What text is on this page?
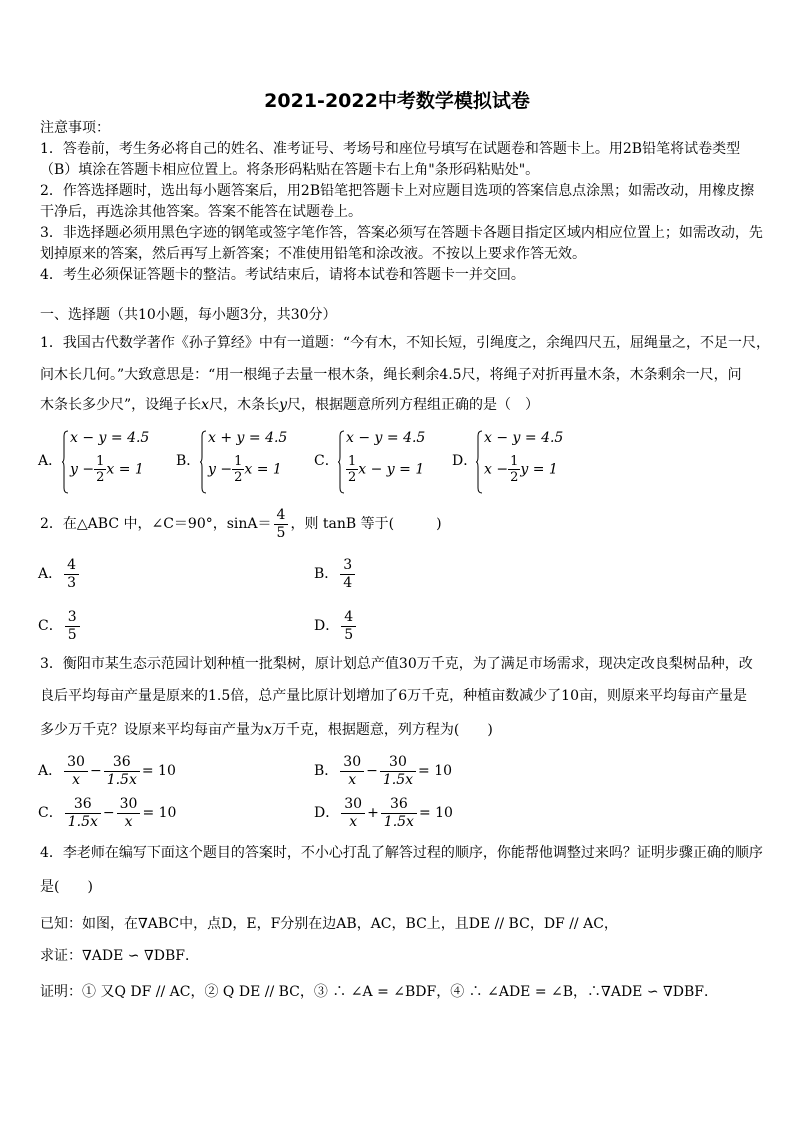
2021-2022中考数学模拟试卷
注意事项：
1．答卷前，考生务必将自己的姓名、准考证号、考场号和座位号填写在试题卷和答题卡上。用2B铅笔将试卷类型
（B）填涂在答题卡相应位置上。将条形码粘贴在答题卡右上角"条形码粘贴处"。
2．作答选择题时，选出每小题答案后，用2B铅笔把答题卡上对应题目选项的答案信息点涂黑；如需改动，用橡皮擦
干净后，再选涂其他答案。答案不能答在试题卷上。
3．非选择题必须用黑色字迹的钢笔或签字笔作答，答案必须写在答题卡各题目指定区域内相应位置上；如需改动，先
划掉原来的答案，然后再写上新答案；不准使用铅笔和涂改液。不按以上要求作答无效。
4．考生必须保证答题卡的整洁。考试结束后，请将本试卷和答题卡一并交回。
一、选择题（共10小题，每小题3分，共30分）
1．我国古代数学著作《孙子算经》中有一道题：“今有木，不知长短，引绳度之，余绳四尺五，屈绳量之，不足一尺，
问木长几何。”大致意思是：“用一根绳子去量一根木条，绳长剩余4.5尺，将绳子对折再量木条，木条剩余一尺，问
木条长多少尺”，设绳子长x尺，木条长y尺，根据题意所列方程组正确的是（　）
A．
x − y = 4.5
$y - \frac{1}{2}$ x = 1
B．
x + y = 4.5
$y - \frac{1}{2}$ x = 1
C．
x − y = 4.5
$\frac{1}{2}$ x − y = 1
D．
x − y = 4.5
$x - \frac{1}{2}$ y = 1
2．在△ABC 中，∠C＝90°，$\sin A= \frac{4}{5}$ ，则 tanB 等于(　　　)
A． $\frac{4}{3}$	B． $\frac{3}{4}$
C． $\frac{3}{5}$	D． $\frac{4}{5}$
3．衡阳市某生态示范园计划种植一批梨树，原计划总产值30万千克，为了满足市场需求，现决定改良梨树品种，改
良后平均每亩产量是原来的1.5倍，总产量比原计划增加了6万千克，种植亩数减少了10亩，则原来平均每亩产量是
多少万千克？设原来平均每亩产量为x万千克，根据题意，列方程为(　　)
A． $\frac{30}{x} - \frac{36}{1.5x} = 10$	B． $\frac{30}{x} - \frac{30}{1.5x} = 10$
C． $\frac{36}{1.5x} - \frac{30}{x} = 10$	D． $\frac{30}{x} + \frac{36}{1.5x} = 10$
4．李老师在编写下面这个题目的答案时，不小心打乱了解答过程的顺序，你能帮他调整过来吗？证明步骤正确的顺序
是(　　)
已知：如图，在∇ABC中，点D，E，F分别在边AB，AC，BC上，且DE // BC，DF // AC，
求证：∇ADE ∽ ∇DBF．
证明：① 又Q DF // AC，② Q DE // BC，③ ∴ ∠A = ∠BDF，④ ∴ ∠ADE = ∠B，∴∇ADE ∽ ∇DBF．
